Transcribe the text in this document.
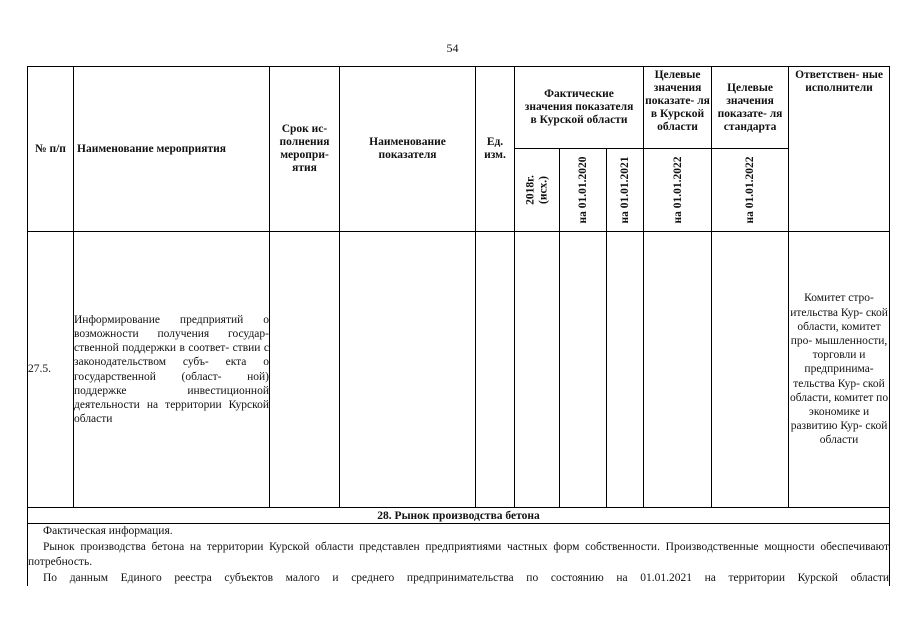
54
№ п/п	Наименование мероприятия	Срок ис- полнения меропри- ятия	Наименование показателя	Ед. изм.	Фактические значения показателя в Курской области			Целевые значения показате- ля в Курской области	Целевые значения показате- ля стандарта	Ответствен- ные исполнители

					2018г. (исх.)	на 01.01.2020	на 01.01.2021	на 01.01.2022	на 01.01.2022	

27.5.	Информирование предприятий о возможности получения государ- ственной поддержки в соответ- ствии с законодательством субъ- екта о государственной (област- ной) поддержке инвестиционной деятельности на территории Курской области									Комитет стро- ительства Кур- ской области, комитет про- мышленности, торговли и предпринима- тельства Кур- ской области, комитет по экономике и развитию Кур- ской области
28. Рынок производства бетона										

Фактическая информация.

Рынок производства бетона на территории Курской области представлен предприятиями частных форм собственности. Производственные мощности обеспечивают потребность.

По данным Единого реестра субъектов малого и среднего предпринимательства по состоянию на 01.01.2021 на территории Курской области										
